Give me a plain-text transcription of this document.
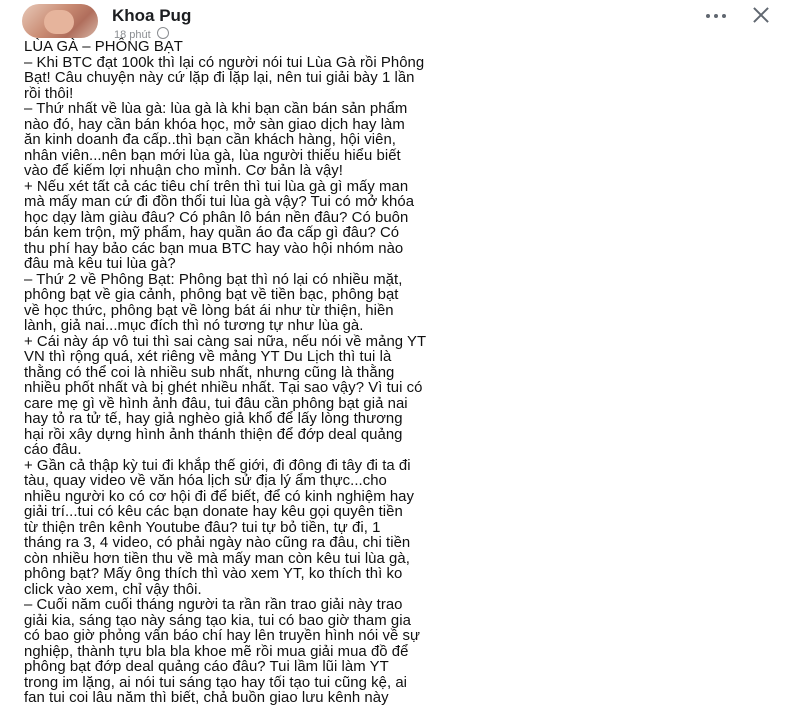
Khoa Pug
18 phút

LÙA GÀ – PHÔNG BẠT

– Khi BTC đạt 100k thì lại có người nói tui Lùa Gà rồi Phông

Bạt! Câu chuyện này cứ lặp đi lặp lại, nên tui giải bày 1 lần

rồi thôi!

– Thứ nhất về lùa gà: lùa gà là khi bạn cần bán sản phẩm

nào đó, hay cần bán khóa học, mở sàn giao dịch hay làm

ăn kinh doanh đa cấp..thì bạn cần khách hàng, hội viên,

nhân viên...nên bạn mới lùa gà, lùa người thiếu hiểu biết

vào để kiếm lợi nhuận cho mình. Cơ bản là vậy!

+ Nếu xét tất cả các tiêu chí trên thì tui lùa gà gì mấy man

mà mấy man cứ đi đồn thổi tui lùa gà vậy? Tui có mở khóa

học dạy làm giàu đâu? Có phân lô bán nền đâu? Có buôn

bán kem trộn, mỹ phẩm, hay quần áo đa cấp gì đâu? Có

thu phí hay bảo các bạn mua BTC hay vào hội nhóm nào

đâu mà kêu tui lùa gà?

– Thứ 2 về Phông Bạt: Phông bạt thì nó lại có nhiều mặt,

phông bạt về gia cảnh, phông bạt về tiền bạc, phông bạt

về học thức, phông bạt về lòng bát ái như từ thiện, hiền

lành, giả nai...mục đích thì nó tương tự như lùa gà.

+ Cái này áp vô tui thì sai càng sai nữa, nếu nói về mảng YT

VN thì rộng quá, xét riêng về mảng YT Du Lịch thì tui là

thằng có thể coi là nhiều sub nhất, nhưng cũng là thằng

nhiều phốt nhất và bị ghét nhiều nhất. Tại sao vậy? Vì tui có

care mẹ gì về hình ảnh đâu, tui đâu cần phông bạt giả nai

hay tỏ ra tử tế, hay giả nghèo giả khổ để lấy lòng thương

hại rồi xây dựng hình ảnh thánh thiện để đớp deal quảng

cáo đâu.

+ Gần cả thập kỳ tui đi khắp thế giới, đi đông đi tây đi ta đi

tàu, quay video về văn hóa lịch sử địa lý ẩm thực...cho

nhiều người ko có cơ hội đi để biết, để có kinh nghiệm hay

giải trí...tui có kêu các bạn donate hay kêu gọi quyên tiền

từ thiện trên kênh Youtube đâu? tui tự bỏ tiền, tự đi, 1

tháng ra 3, 4 video, có phải ngày nào cũng ra đâu, chi tiền

còn nhiều hơn tiền thu về mà mấy man còn kêu tui lùa gà,

phông bạt? Mấy ông thích thì vào xem YT, ko thích thì ko

click vào xem, chỉ vậy thôi.

– Cuối năm cuối tháng người ta rần rần trao giải này trao

giải kia, sáng tạo này sáng tạo kia, tui có bao giờ tham gia

có bao giờ phỏng vấn báo chí hay lên truyền hình nói về sự

nghiệp, thành tựu bla bla khoe mẽ rồi mua giải mua đồ để

phông bạt đớp deal quảng cáo đâu? Tui lầm lũi làm YT

trong im lặng, ai nói tui sáng tạo hay tối tạo tui cũng kệ, ai

fan tui coi lâu năm thì biết, chả buồn giao lưu kênh này
